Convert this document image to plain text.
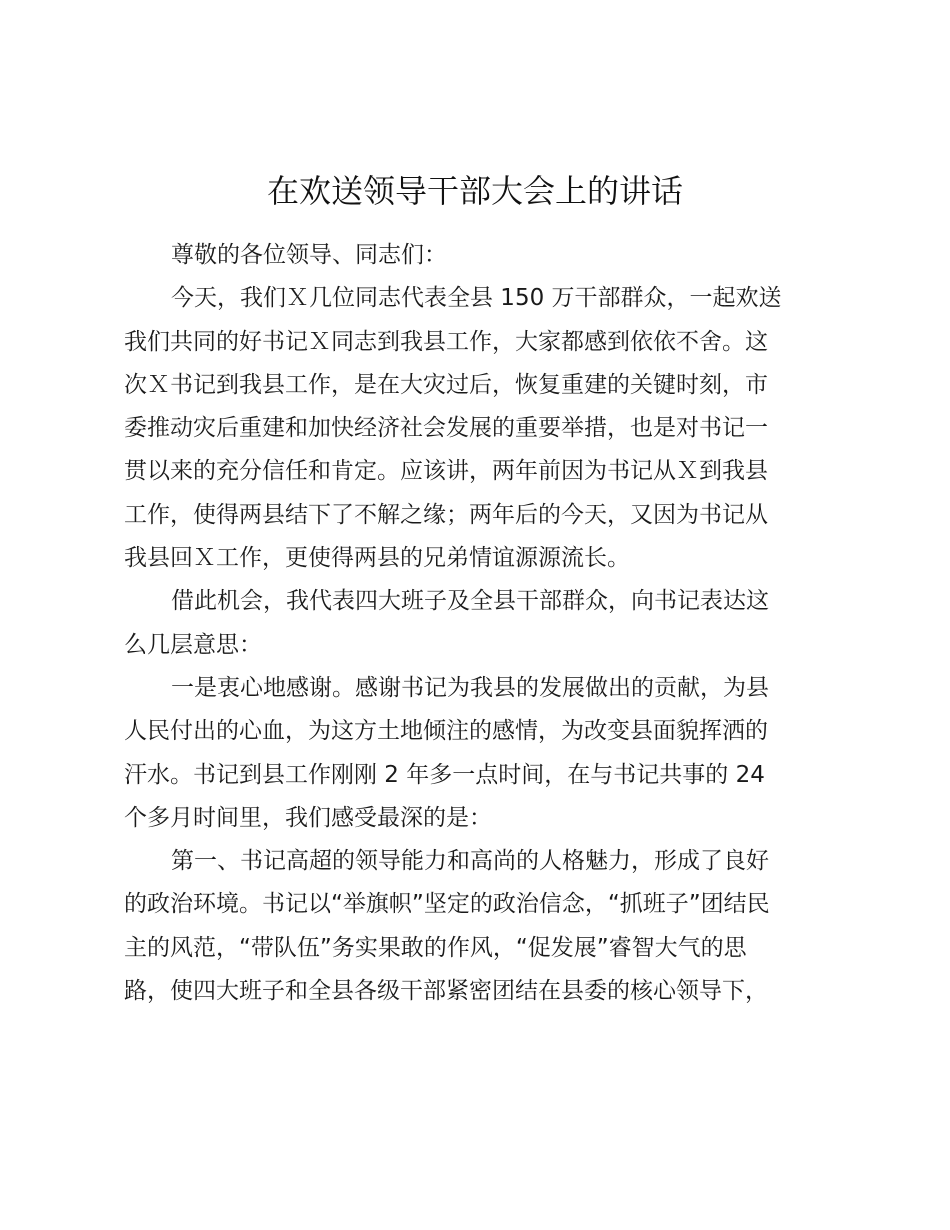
在欢送领导干部大会上的讲话
尊敬的各位领导、同志们：
今天，我们Ｘ几位同志代表全县 150 万干部群众，一起欢送
我们共同的好书记Ｘ同志到我县工作，大家都感到依依不舍。这
次Ｘ书记到我县工作，是在大灾过后，恢复重建的关键时刻，市
委推动灾后重建和加快经济社会发展的重要举措，也是对书记一
贯以来的充分信任和肯定。应该讲，两年前因为书记从Ｘ到我县
工作，使得两县结下了不解之缘；两年后的今天，又因为书记从
我县回Ｘ工作，更使得两县的兄弟情谊源源流长。
借此机会，我代表四大班子及全县干部群众，向书记表达这
么几层意思：
一是衷心地感谢。感谢书记为我县的发展做出的贡献，为县
人民付出的心血，为这方土地倾注的感情，为改变县面貌挥洒的
汗水。书记到县工作刚刚 2 年多一点时间，在与书记共事的 24
个多月时间里，我们感受最深的是：
第一、书记高超的领导能力和高尚的人格魅力，形成了良好
的政治环境。书记以“举旗帜”坚定的政治信念，“抓班子”团结民
主的风范，“带队伍”务实果敢的作风，“促发展”睿智大气的思
路，使四大班子和全县各级干部紧密团结在县委的核心领导下，
